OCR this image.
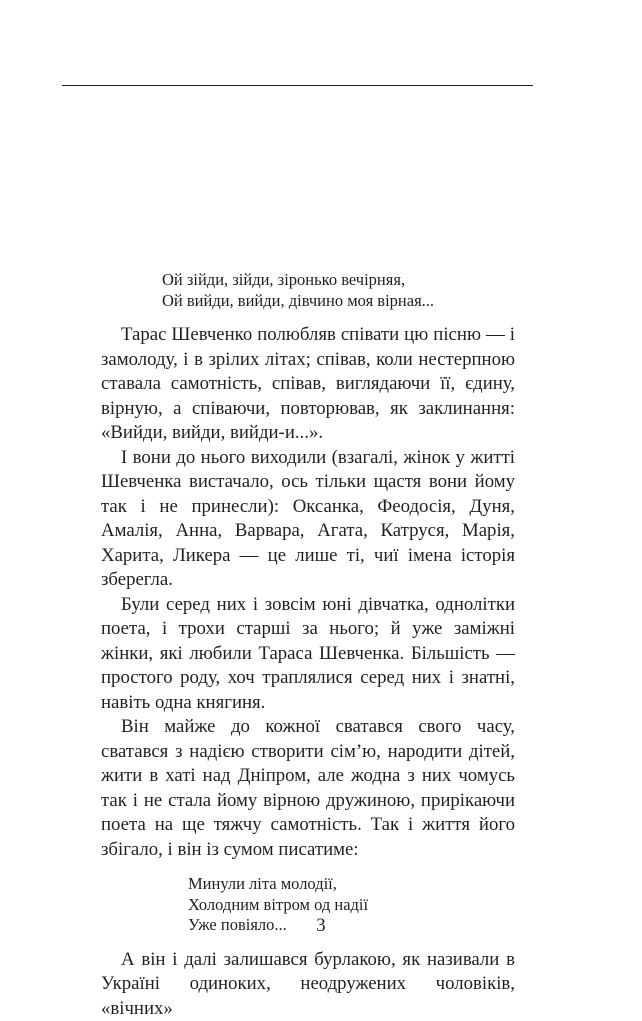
Ой зійди, зійди, зіронько вечірняя,
Ой вийди, вийди, дівчино моя вірная...

Тарас Шевченко полюбляв співати цю пісню — і замолоду, і в зрілих літах; співав, коли нестерпною ставала самотність, співав, виглядаючи її, єдину, вірную, а співаючи, повторював, як заклинання: «Вийди, вийди, вийди-и...».

І вони до нього виходили (взагалі, жінок у житті Шевченка вистачало, ось тільки щастя вони йому так і не принесли): Оксанка, Феодосія, Дуня, Амалія, Анна, Варвара, Агата, Катруся, Марія, Харита, Ликера — це лише ті, чиї імена історія зберегла.

Були серед них і зовсім юні дівчатка, однолітки поета, і трохи старші за нього; й уже заміжні жінки, які любили Тараса Шевченка. Більшість — простого роду, хоч траплялися серед них і знатні, навіть одна княгиня.

Він майже до кожної сватався свого часу, сватався з надією створити сім’ю, народити дітей, жити в хаті над Дніпром, але жодна з них чомусь так і не стала йому вірною дружиною, прирікаючи поета на ще тяжчу самотність. Так і життя його збігало, і він із сумом писатиме:

Минули літа молодії,
Холодним вітром од надії
Уже повіяло...

А він і далі залишався бурлакою, як називали в Україні одиноких, неодружених чоловіків, «вічних»

3
